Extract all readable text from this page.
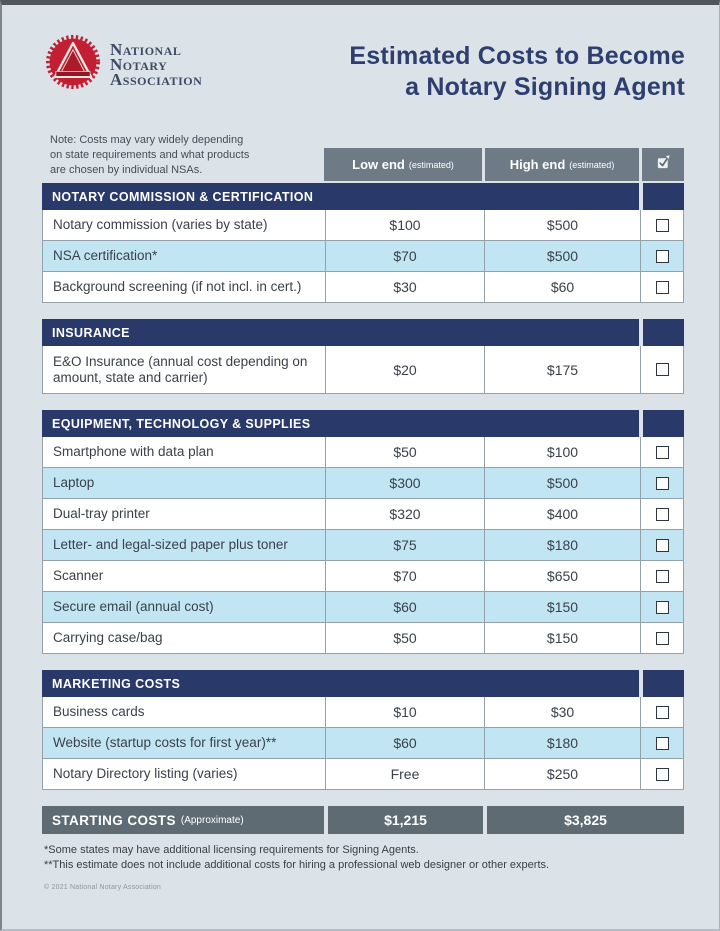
National
Notary
Association
Estimated Costs to Become
a Notary Signing Agent
Note: Costs may vary widely depending
on state requirements and what products
are chosen by individual NSAs.	Low end (estimated)	High end (estimated)
NOTARY COMMISSION & CERTIFICATION
Notary commission (varies by state)	$100	$500
NSA certification*	$70	$500
Background screening (if not incl. in cert.)	$30	$60
INSURANCE
E&O Insurance (annual cost depending on amount, state and carrier)	$20	$175
EQUIPMENT, TECHNOLOGY & SUPPLIES
Smartphone with data plan	$50	$100
Laptop	$300	$500
Dual-tray printer	$320	$400
Letter- and legal-sized paper plus toner	$75	$180
Scanner	$70	$650
Secure email (annual cost)	$60	$150
Carrying case/bag	$50	$150
MARKETING COSTS
Business cards	$10	$30
Website (startup costs for first year)**	$60	$180
Notary Directory listing (varies)	Free	$250
STARTING COSTS (Approximate)	$1,215	$3,825
*Some states may have additional licensing requirements for Signing Agents.
**This estimate does not include additional costs for hiring a professional web designer or other experts.
© 2021 National Notary Association
